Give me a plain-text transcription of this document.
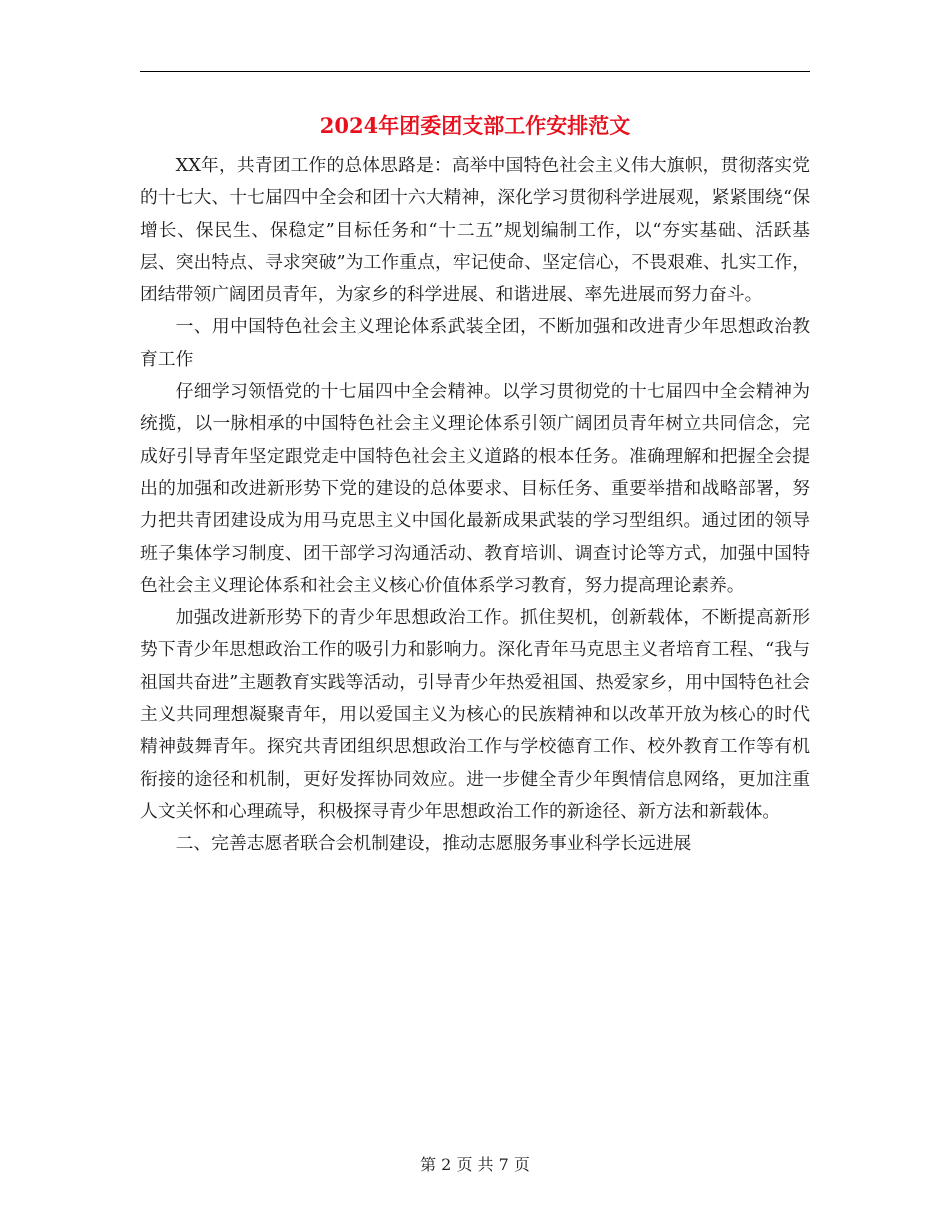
2024年团委团支部工作安排范文

XX年，共青团工作的总体思路是：高举中国特色社会主义伟大旗帜，贯彻落实党的十七大、十七届四中全会和团十六大精神，深化学习贯彻科学进展观，紧紧围绕“保增长、保民生、保稳定”目标任务和“十二五”规划编制工作，以“夯实基础、活跃基层、突出特点、寻求突破”为工作重点，牢记使命、坚定信心，不畏艰难、扎实工作，团结带领广阔团员青年，为家乡的科学进展、和谐进展、率先进展而努力奋斗。

一、用中国特色社会主义理论体系武装全团，不断加强和改进青少年思想政治教育工作

仔细学习领悟党的十七届四中全会精神。以学习贯彻党的十七届四中全会精神为统揽，以一脉相承的中国特色社会主义理论体系引领广阔团员青年树立共同信念，完成好引导青年坚定跟党走中国特色社会主义道路的根本任务。准确理解和把握全会提出的加强和改进新形势下党的建设的总体要求、目标任务、重要举措和战略部署，努力把共青团建设成为用马克思主义中国化最新成果武装的学习型组织。通过团的领导班子集体学习制度、团干部学习沟通活动、教育培训、调查讨论等方式，加强中国特色社会主义理论体系和社会主义核心价值体系学习教育，努力提高理论素养。

加强改进新形势下的青少年思想政治工作。抓住契机，创新载体，不断提高新形势下青少年思想政治工作的吸引力和影响力。深化青年马克思主义者培育工程、“我与祖国共奋进”主题教育实践等活动，引导青少年热爱祖国、热爱家乡，用中国特色社会主义共同理想凝聚青年，用以爱国主义为核心的民族精神和以改革开放为核心的时代精神鼓舞青年。探究共青团组织思想政治工作与学校德育工作、校外教育工作等有机衔接的途径和机制，更好发挥协同效应。进一步健全青少年舆情信息网络，更加注重人文关怀和心理疏导，积极探寻青少年思想政治工作的新途径、新方法和新载体。

二、完善志愿者联合会机制建设，推动志愿服务事业科学长远进展

第 2 页 共 7 页
